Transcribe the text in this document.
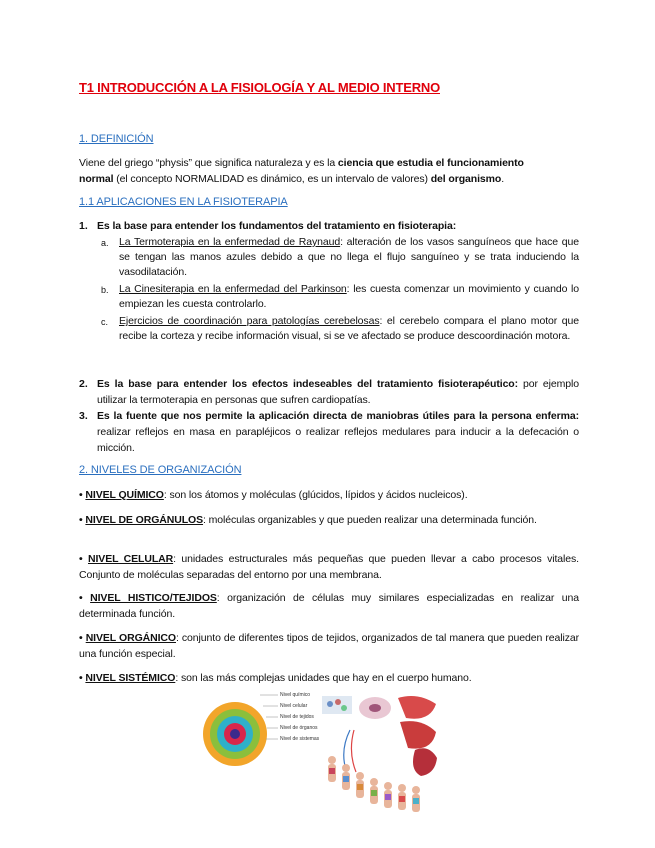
T1 INTRODUCCIÓN A LA FISIOLOGÍA Y AL MEDIO INTERNO
1. DEFINICIÓN
Viene del griego “physis” que significa naturaleza y es la ciencia que estudia el funcionamiento
normal (el concepto NORMALIDAD es dinámico, es un intervalo de valores) del organismo.
1.1 APLICACIONES EN LA FISIOTERAPIA
1. Es la base para entender los fundamentos del tratamiento en fisioterapia:
a. La Termoterapia en la enfermedad de Raynaud: alteración de los vasos sanguíneos que hace que se tengan las manos azules debido a que no llega el flujo sanguíneo y se trata induciendo la vasodilatación.
b. La Cinesiterapia en la enfermedad del Parkinson: les cuesta comenzar un movimiento y cuando lo empiezan les cuesta controlarlo.
c. Ejercicios de coordinación para patologías cerebelosas: el cerebelo compara el plano motor que recibe la corteza y recibe información visual, si se ve afectado se produce descoordinación motora.
2. Es la base para entender los efectos indeseables del tratamiento fisioterapéutico: por ejemplo utilizar la termoterapia en personas que sufren cardiopatías.
3. Es la fuente que nos permite la aplicación directa de maniobras útiles para la persona enferma: realizar reflejos en masa en parapléjicos o realizar reflejos medulares para inducir a la defecación o micción.
2. NIVELES DE ORGANIZACIÓN
• NIVEL QUÍMICO: son los átomos y moléculas (glúcidos, lípidos y ácidos nucleicos).
• NIVEL DE ORGÁNULOS: moléculas organizables y que pueden realizar una determinada función.
• NIVEL CELULAR: unidades estructurales más pequeñas que pueden llevar a cabo procesos vitales. Conjunto de moléculas separadas del entorno por una membrana.
• NIVEL HISTICO/TEJIDOS: organización de células muy similares especializadas en realizar una determinada función.
• NIVEL ORGÁNICO: conjunto de diferentes tipos de tejidos, organizados de tal manera que pueden realizar una función especial.
• NIVEL SISTÉMICO: son las más complejas unidades que hay en el cuerpo humano.
Nivel químico
Nivel celular
Nivel de tejidos
Nivel de órganos
Nivel de sistemas
